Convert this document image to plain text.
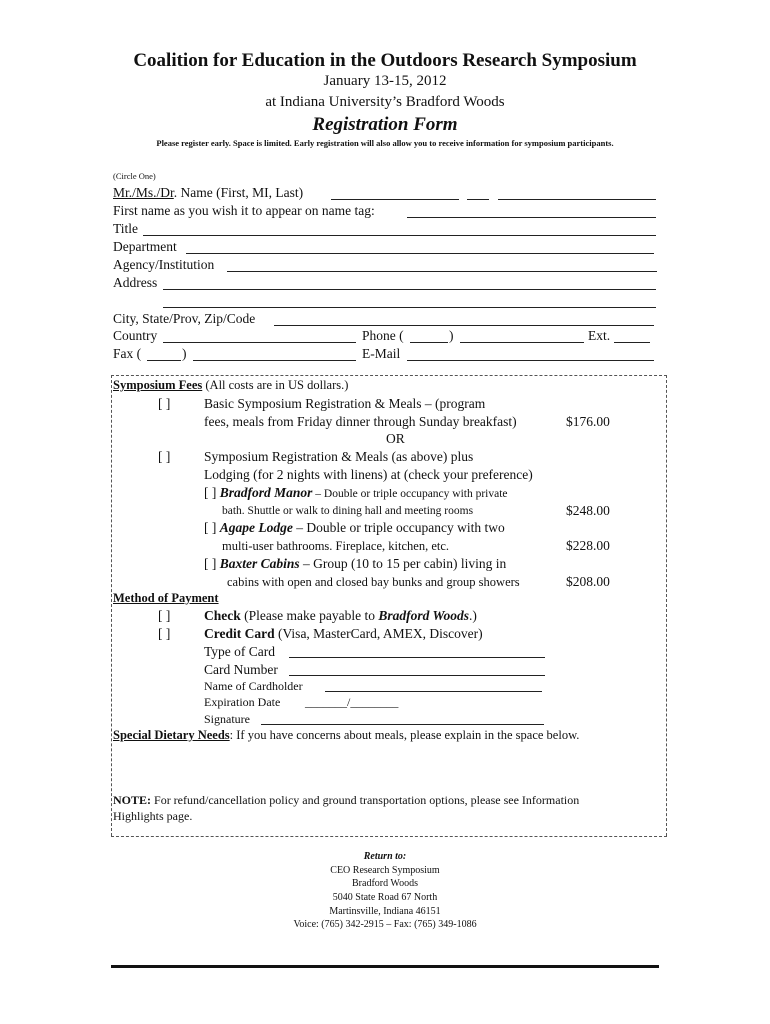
Coalition for Education in the Outdoors Research Symposium
January 13-15, 2012
at Indiana University’s Bradford Woods
Registration Form
Please register early. Space is limited. Early registration will also allow you to receive information for symposium participants.
(Circle One)
Mr./Ms./Dr. Name (First, MI, Last)
First name as you wish it to appear on name tag:
Title
Department
Agency/Institution
Address
City, State/Prov, Zip/Code
Country	Phone (	)	Ext.
Fax (	)	E-Mail
Symposium Fees (All costs are in US dollars.)
[ ] Basic Symposium Registration & Meals – (program
fees, meals from Friday dinner through Sunday breakfast)	$176.00
OR
[ ] Symposium Registration & Meals (as above) plus
Lodging (for 2 nights with linens) at (check your preference)
[ ] Bradford Manor – Double or triple occupancy with private
bath. Shuttle or walk to dining hall and meeting rooms	$248.00
[ ] Agape Lodge – Double or triple occupancy with two
multi-user bathrooms. Fireplace, kitchen, etc.	$228.00
[ ] Baxter Cabins – Group (10 to 15 per cabin) living in
cabins with open and closed bay bunks and group showers	$208.00
Method of Payment
[ ] Check (Please make payable to Bradford Woods.)
[ ] Credit Card (Visa, MasterCard, AMEX, Discover)
Type of Card
Card Number
Name of Cardholder
Expiration Date _______/________
Signature
Special Dietary Needs: If you have concerns about meals, please explain in the space below.
NOTE: For refund/cancellation policy and ground transportation options, please see Information
Highlights page.
Return to:
CEO Research Symposium
Bradford Woods
5040 State Road 67 North
Martinsville, Indiana 46151
Voice: (765) 342-2915 – Fax: (765) 349-1086
